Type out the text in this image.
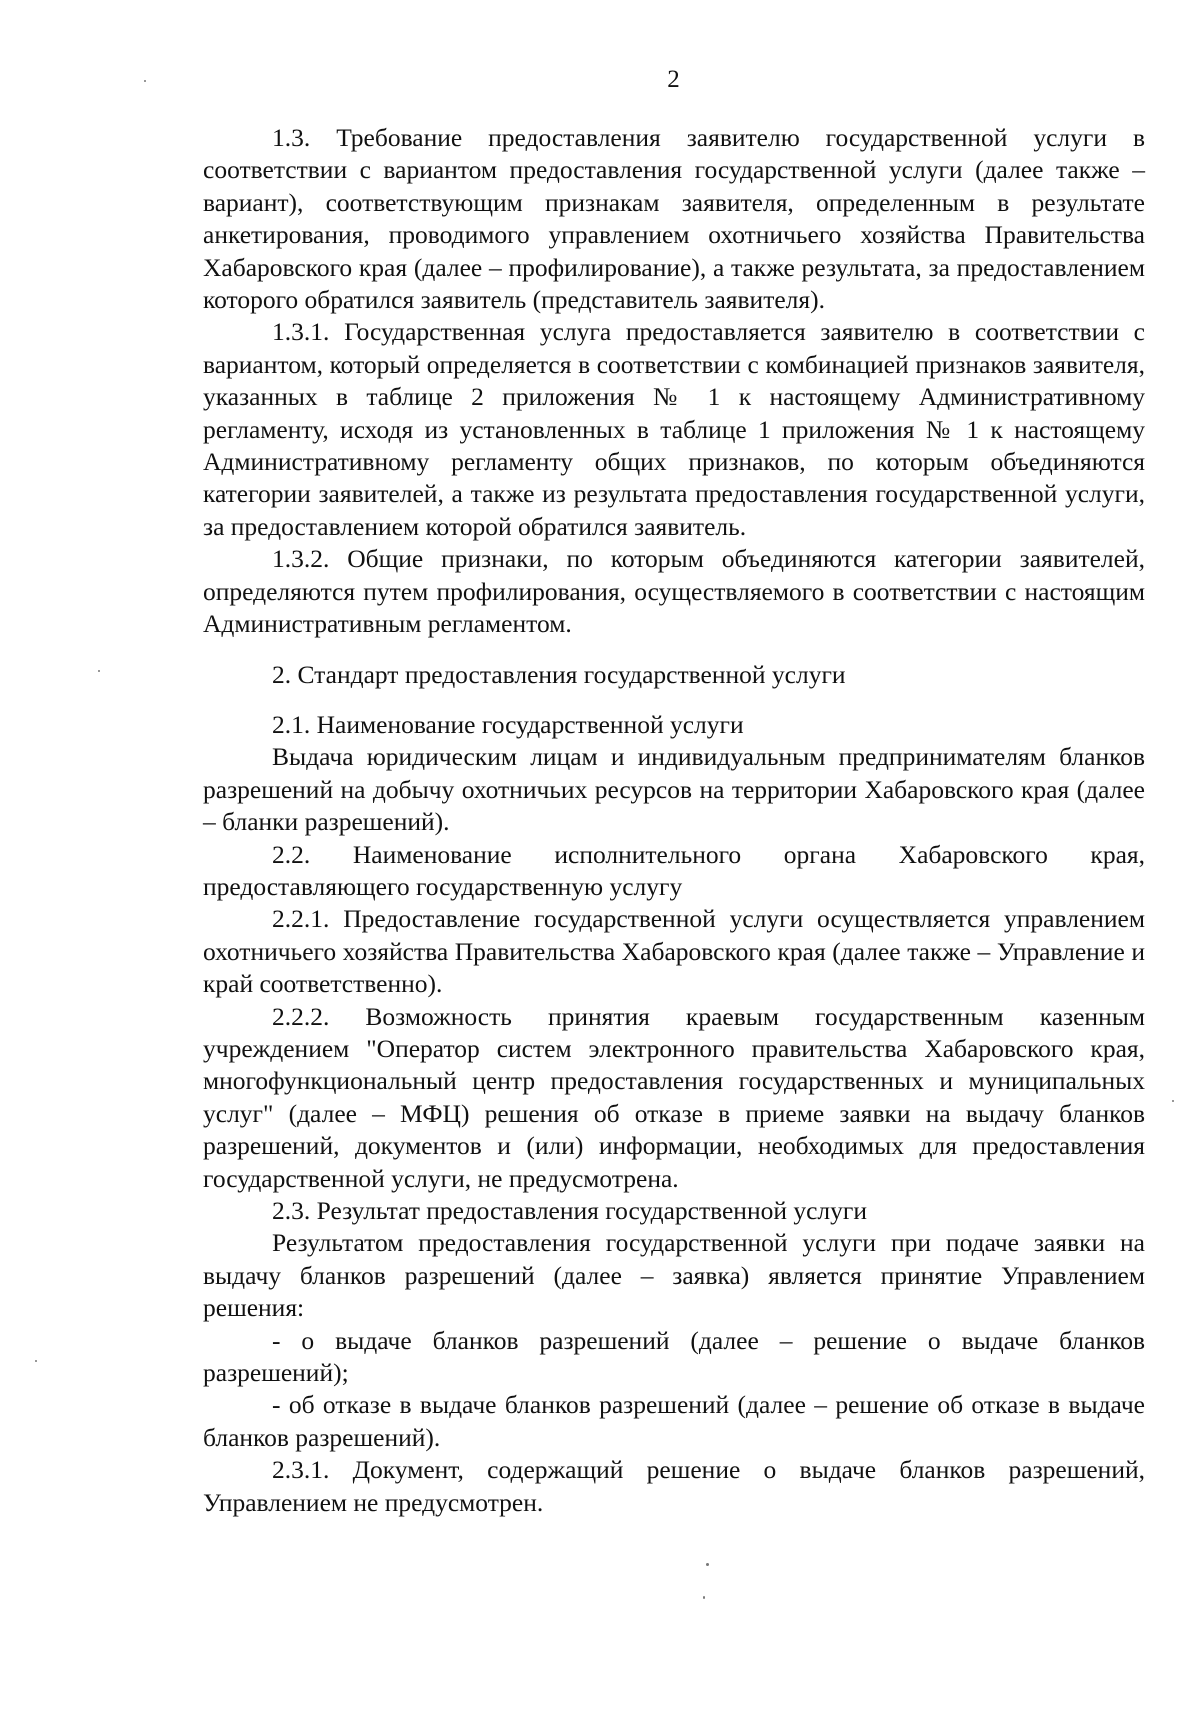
2

1.3. Требование предоставления заявителю государственной услуги в соответствии с вариантом предоставления государственной услуги (далее также – вариант), соответствующим признакам заявителя, определенным в результате анкетирования, проводимого управлением охотничьего хозяйства Правительства Хабаровского края (далее – профилирование), а также результата, за предоставлением которого обратился заявитель (представитель заявителя).

1.3.1. Государственная услуга предоставляется заявителю в соответствии с вариантом, который определяется в соответствии с комбинацией признаков заявителя, указанных в таблице 2 приложения № 1 к настоящему Административному регламенту, исходя из установленных в таблице 1 приложения № 1 к настоящему Административному регламенту общих признаков, по которым объединяются категории заявителей, а также из результата предоставления государственной услуги, за предоставлением которой обратился заявитель.

1.3.2. Общие признаки, по которым объединяются категории заявителей, определяются путем профилирования, осуществляемого в соответствии с настоящим Административным регламентом.

2. Стандарт предоставления государственной услуги

2.1. Наименование государственной услуги

Выдача юридическим лицам и индивидуальным предпринимателям бланков разрешений на добычу охотничьих ресурсов на территории Хабаровского края (далее – бланки разрешений).

2.2. Наименование исполнительного органа Хабаровского края, предоставляющего государственную услугу

2.2.1. Предоставление государственной услуги осуществляется управлением охотничьего хозяйства Правительства Хабаровского края (далее также – Управление и край соответственно).

2.2.2. Возможность принятия краевым государственным казенным учреждением "Оператор систем электронного правительства Хабаровского края, многофункциональный центр предоставления государственных и муниципальных услуг" (далее – МФЦ) решения об отказе в приеме заявки на выдачу бланков разрешений, документов и (или) информации, необходимых для предоставления государственной услуги, не предусмотрена.

2.3. Результат предоставления государственной услуги

Результатом предоставления государственной услуги при подаче заявки на выдачу бланков разрешений (далее – заявка) является принятие Управлением решения:

- о выдаче бланков разрешений (далее – решение о выдаче бланков разрешений);

- об отказе в выдаче бланков разрешений (далее – решение об отказе в выдаче бланков разрешений).

2.3.1. Документ, содержащий решение о выдаче бланков разрешений, Управлением не предусмотрен.
